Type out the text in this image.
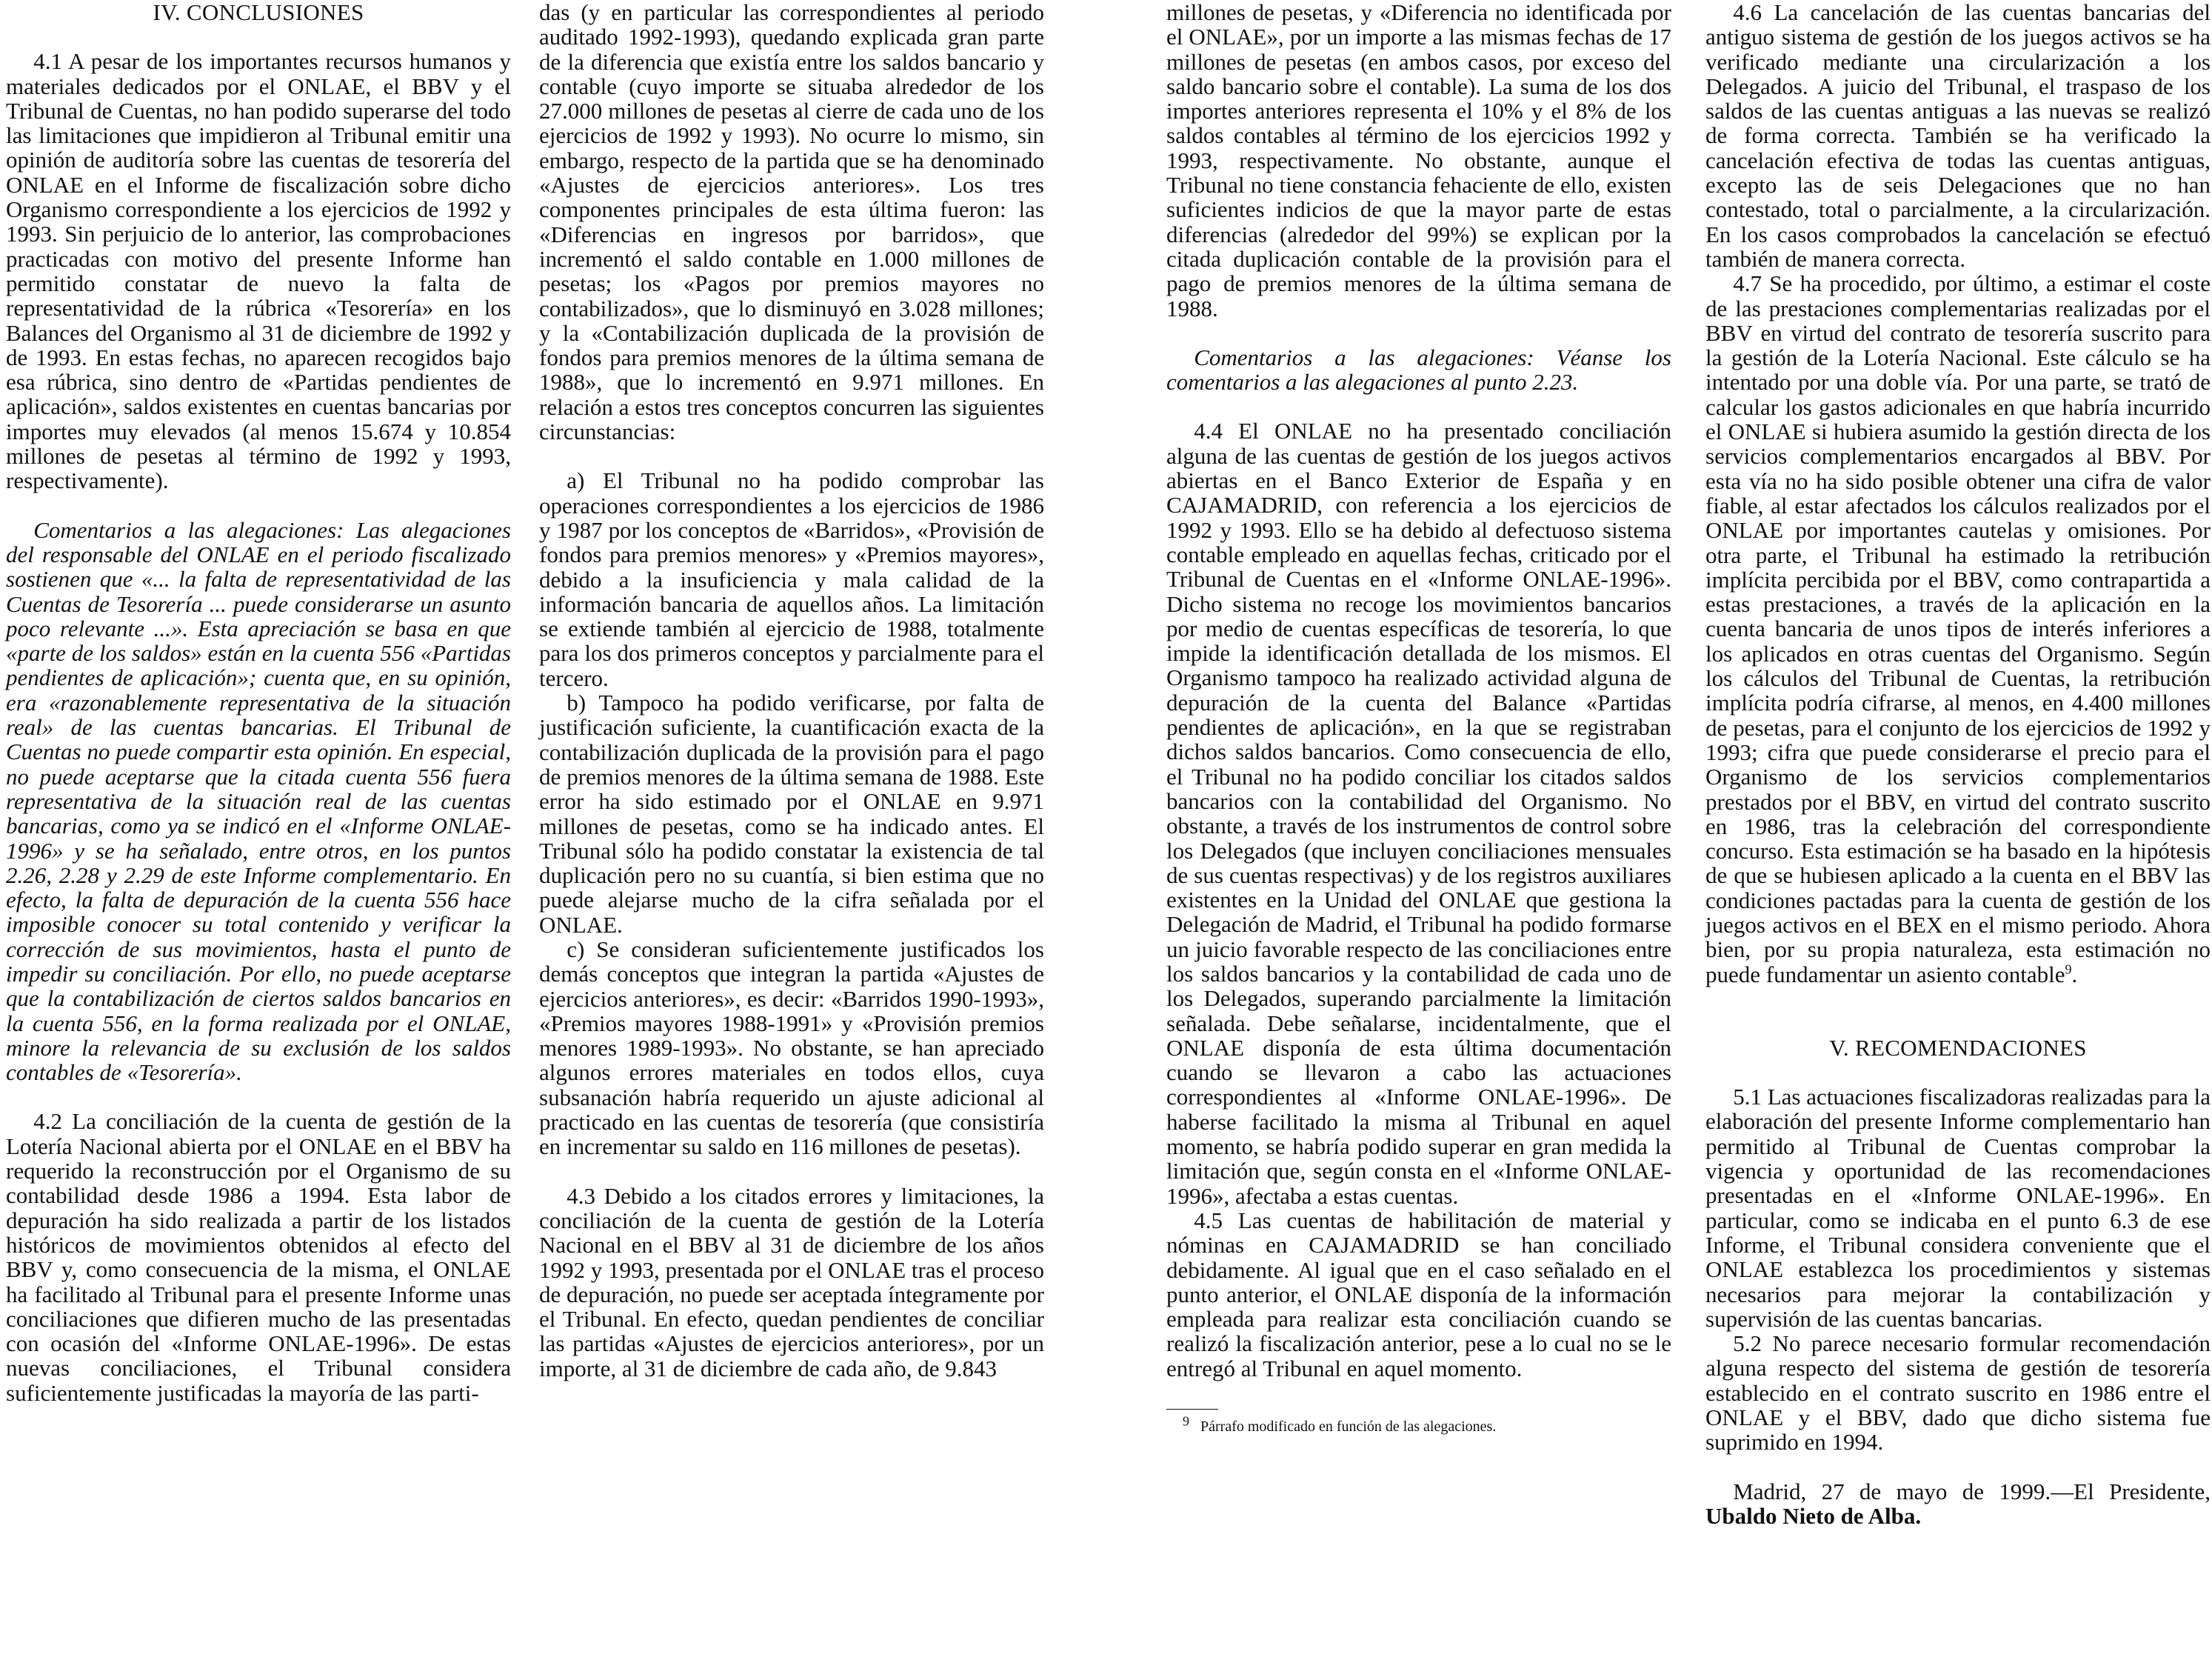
IV. CONCLUSIONES

4.1 A pesar de los importantes recursos humanos y materiales dedicados por el ONLAE, el BBV y el Tribunal de Cuentas, no han podido superarse del todo las limitaciones que impidieron al Tribunal emitir una opinión de auditoría sobre las cuentas de tesorería del ONLAE en el Informe de fiscalización sobre dicho Organismo correspondiente a los ejercicios de 1992 y 1993. Sin perjuicio de lo anterior, las comprobaciones practicadas con motivo del presente Informe han permitido constatar de nuevo la falta de representatividad de la rúbrica «Tesorería» en los Balances del Organismo al 31 de diciembre de 1992 y de 1993. En estas fechas, no aparecen recogidos bajo esa rúbrica, sino dentro de «Partidas pendientes de aplicación», saldos existentes en cuentas bancarias por importes muy elevados (al menos 15.674 y 10.854 millones de pesetas al término de 1992 y 1993, respectivamente).

Comentarios a las alegaciones: Las alegaciones del responsable del ONLAE en el periodo fiscalizado sostienen que «... la falta de representatividad de las Cuentas de Tesorería ... puede considerarse un asunto poco relevante ...». Esta apreciación se basa en que «parte de los saldos» están en la cuenta 556 «Partidas pendientes de aplicación»; cuenta que, en su opinión, era «razonablemente representativa de la situación real» de las cuentas bancarias. El Tribunal de Cuentas no puede compartir esta opinión. En especial, no puede aceptarse que la citada cuenta 556 fuera representativa de la situación real de las cuentas bancarias, como ya se indicó en el «Informe ONLAE-1996» y se ha señalado, entre otros, en los puntos 2.26, 2.28 y 2.29 de este Informe complementario. En efecto, la falta de depuración de la cuenta 556 hace imposible conocer su total contenido y verificar la corrección de sus movimientos, hasta el punto de impedir su conciliación. Por ello, no puede aceptarse que la contabilización de ciertos saldos bancarios en la cuenta 556, en la forma realizada por el ONLAE, minore la relevancia de su exclusión de los saldos contables de «Tesorería».

4.2 La conciliación de la cuenta de gestión de la Lotería Nacional abierta por el ONLAE en el BBV ha requerido la reconstrucción por el Organismo de su contabilidad desde 1986 a 1994. Esta labor de depuración ha sido realizada a partir de los listados históricos de movimientos obtenidos al efecto del BBV y, como consecuencia de la misma, el ONLAE ha facilitado al Tribunal para el presente Informe unas conciliaciones que difieren mucho de las presentadas con ocasión del «Informe ONLAE-1996». De estas nuevas conciliaciones, el Tribunal considera suficientemente justificadas la mayoría de las parti-

das (y en particular las correspondientes al periodo auditado 1992-1993), quedando explicada gran parte de la diferencia que existía entre los saldos bancario y contable (cuyo importe se situaba alrededor de los 27.000 millones de pesetas al cierre de cada uno de los ejercicios de 1992 y 1993). No ocurre lo mismo, sin embargo, respecto de la partida que se ha denominado «Ajustes de ejercicios anteriores». Los tres componentes principales de esta última fueron: las «Diferencias en ingresos por barridos», que incrementó el saldo contable en 1.000 millones de pesetas; los «Pagos por premios mayores no contabilizados», que lo disminuyó en 3.028 millones; y la «Contabilización duplicada de la provisión de fondos para premios menores de la última semana de 1988», que lo incrementó en 9.971 millones. En relación a estos tres conceptos concurren las siguientes circunstancias:

a) El Tribunal no ha podido comprobar las operaciones correspondientes a los ejercicios de 1986 y 1987 por los conceptos de «Barridos», «Provisión de fondos para premios menores» y «Premios mayores», debido a la insuficiencia y mala calidad de la información bancaria de aquellos años. La limitación se extiende también al ejercicio de 1988, totalmente para los dos primeros conceptos y parcialmente para el tercero.

b) Tampoco ha podido verificarse, por falta de justificación suficiente, la cuantificación exacta de la contabilización duplicada de la provisión para el pago de premios menores de la última semana de 1988. Este error ha sido estimado por el ONLAE en 9.971 millones de pesetas, como se ha indicado antes. El Tribunal sólo ha podido constatar la existencia de tal duplicación pero no su cuantía, si bien estima que no puede alejarse mucho de la cifra señalada por el ONLAE.

c) Se consideran suficientemente justificados los demás conceptos que integran la partida «Ajustes de ejercicios anteriores», es decir: «Barridos 1990-1993», «Premios mayores 1988-1991» y «Provisión premios menores 1989-1993». No obstante, se han apreciado algunos errores materiales en todos ellos, cuya subsanación habría requerido un ajuste adicional al practicado en las cuentas de tesorería (que consistiría en incrementar su saldo en 116 millones de pesetas).

4.3 Debido a los citados errores y limitaciones, la conciliación de la cuenta de gestión de la Lotería Nacional en el BBV al 31 de diciembre de los años 1992 y 1993, presentada por el ONLAE tras el proceso de depuración, no puede ser aceptada íntegramente por el Tribunal. En efecto, quedan pendientes de conciliar las partidas «Ajustes de ejercicios anteriores», por un importe, al 31 de diciembre de cada año, de 9.843

millones de pesetas, y «Diferencia no identificada por el ONLAE», por un importe a las mismas fechas de 17 millones de pesetas (en ambos casos, por exceso del saldo bancario sobre el contable). La suma de los dos importes anteriores representa el 10% y el 8% de los saldos contables al término de los ejercicios 1992 y 1993, respectivamente. No obstante, aunque el Tribunal no tiene constancia fehaciente de ello, existen suficientes indicios de que la mayor parte de estas diferencias (alrededor del 99%) se explican por la citada duplicación contable de la provisión para el pago de premios menores de la última semana de 1988.

Comentarios a las alegaciones: Véanse los comentarios a las alegaciones al punto 2.23.

4.4 El ONLAE no ha presentado conciliación alguna de las cuentas de gestión de los juegos activos abiertas en el Banco Exterior de España y en CAJAMADRID, con referencia a los ejercicios de 1992 y 1993. Ello se ha debido al defectuoso sistema contable empleado en aquellas fechas, criticado por el Tribunal de Cuentas en el «Informe ONLAE-1996». Dicho sistema no recoge los movimientos bancarios por medio de cuentas específicas de tesorería, lo que impide la identificación detallada de los mismos. El Organismo tampoco ha realizado actividad alguna de depuración de la cuenta del Balance «Partidas pendientes de aplicación», en la que se registraban dichos saldos bancarios. Como consecuencia de ello, el Tribunal no ha podido conciliar los citados saldos bancarios con la contabilidad del Organismo. No obstante, a través de los instrumentos de control sobre los Delegados (que incluyen conciliaciones mensuales de sus cuentas respectivas) y de los registros auxiliares existentes en la Unidad del ONLAE que gestiona la Delegación de Madrid, el Tribunal ha podido formarse un juicio favorable respecto de las conciliaciones entre los saldos bancarios y la contabilidad de cada uno de los Delegados, superando parcialmente la limitación señalada. Debe señalarse, incidentalmente, que el ONLAE disponía de esta última documentación cuando se llevaron a cabo las actuaciones correspondientes al «Informe ONLAE-1996». De haberse facilitado la misma al Tribunal en aquel momento, se habría podido superar en gran medida la limitación que, según consta en el «Informe ONLAE-1996», afectaba a estas cuentas.

4.5 Las cuentas de habilitación de material y nóminas en CAJAMADRID se han conciliado debidamente. Al igual que en el caso señalado en el punto anterior, el ONLAE disponía de la información empleada para realizar esta conciliación cuando se realizó la fiscalización anterior, pese a lo cual no se le entregó al Tribunal en aquel momento.

$^9$ Párrafo modificado en función de las alegaciones.

4.6 La cancelación de las cuentas bancarias del antiguo sistema de gestión de los juegos activos se ha verificado mediante una circularización a los Delegados. A juicio del Tribunal, el traspaso de los saldos de las cuentas antiguas a las nuevas se realizó de forma correcta. También se ha verificado la cancelación efectiva de todas las cuentas antiguas, excepto las de seis Delegaciones que no han contestado, total o parcialmente, a la circularización. En los casos comprobados la cancelación se efectuó también de manera correcta.

4.7 Se ha procedido, por último, a estimar el coste de las prestaciones complementarias realizadas por el BBV en virtud del contrato de tesorería suscrito para la gestión de la Lotería Nacional. Este cálculo se ha intentado por una doble vía. Por una parte, se trató de calcular los gastos adicionales en que habría incurrido el ONLAE si hubiera asumido la gestión directa de los servicios complementarios encargados al BBV. Por esta vía no ha sido posible obtener una cifra de valor fiable, al estar afectados los cálculos realizados por el ONLAE por importantes cautelas y omisiones. Por otra parte, el Tribunal ha estimado la retribución implícita percibida por el BBV, como contrapartida a estas prestaciones, a través de la aplicación en la cuenta bancaria de unos tipos de interés inferiores a los aplicados en otras cuentas del Organismo. Según los cálculos del Tribunal de Cuentas, la retribución implícita podría cifrarse, al menos, en 4.400 millones de pesetas, para el conjunto de los ejercicios de 1992 y 1993; cifra que puede considerarse el precio para el Organismo de los servicios complementarios prestados por el BBV, en virtud del contrato suscrito en 1986, tras la celebración del correspondiente concurso. Esta estimación se ha basado en la hipótesis de que se hubiesen aplicado a la cuenta en el BBV las condiciones pactadas para la cuenta de gestión de los juegos activos en el BEX en el mismo periodo. Ahora bien, por su propia naturaleza, esta estimación no puede fundamentar un asiento contable$^9$.

V. RECOMENDACIONES

5.1 Las actuaciones fiscalizadoras realizadas para la elaboración del presente Informe complementario han permitido al Tribunal de Cuentas comprobar la vigencia y oportunidad de las recomendaciones presentadas en el «Informe ONLAE-1996». En particular, como se indicaba en el punto 6.3 de ese Informe, el Tribunal considera conveniente que el ONLAE establezca los procedimientos y sistemas necesarios para mejorar la contabilización y supervisión de las cuentas bancarias.

5.2 No parece necesario formular recomendación alguna respecto del sistema de gestión de tesorería establecido en el contrato suscrito en 1986 entre el ONLAE y el BBV, dado que dicho sistema fue suprimido en 1994.

Madrid, 27 de mayo de 1999.—El Presidente, Ubaldo Nieto de Alba.
